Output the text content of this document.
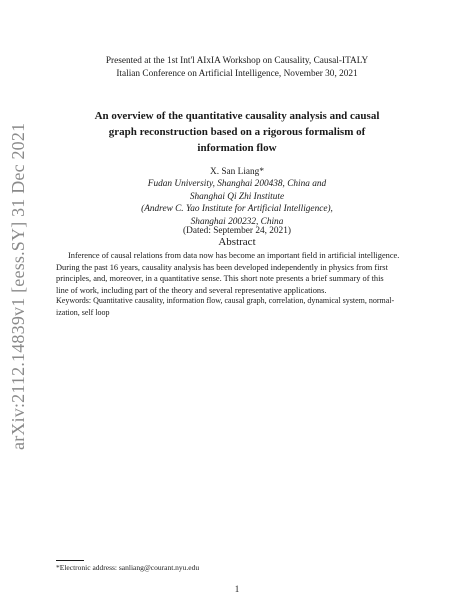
arXiv:2112.14839v1 [eess.SY] 31 Dec 2021
Presented at the 1st Int'l AIxIA Workshop on Causality, Causal-ITALY
Italian Conference on Artificial Intelligence, November 30, 2021
An overview of the quantitative causality analysis and causal
graph reconstruction based on a rigorous formalism of
information flow
X. San Liang*
Fudan University, Shanghai 200438, China and
Shanghai Qi Zhi Institute
(Andrew C. Yao Institute for Artificial Intelligence),
Shanghai 200232, China
(Dated: September 24, 2021)
Abstract
Inference of causal relations from data now has become an important field in artificial intelligence.
During the past 16 years, causality analysis has been developed independently in physics from first
principles, and, moreover, in a quantitative sense. This short note presents a brief summary of this
line of work, including part of the theory and several representative applications.
Keywords: Quantitative causality, information flow, causal graph, correlation, dynamical system, normal-
ization, self loop
*Electronic address: sanliang@courant.nyu.edu
1
